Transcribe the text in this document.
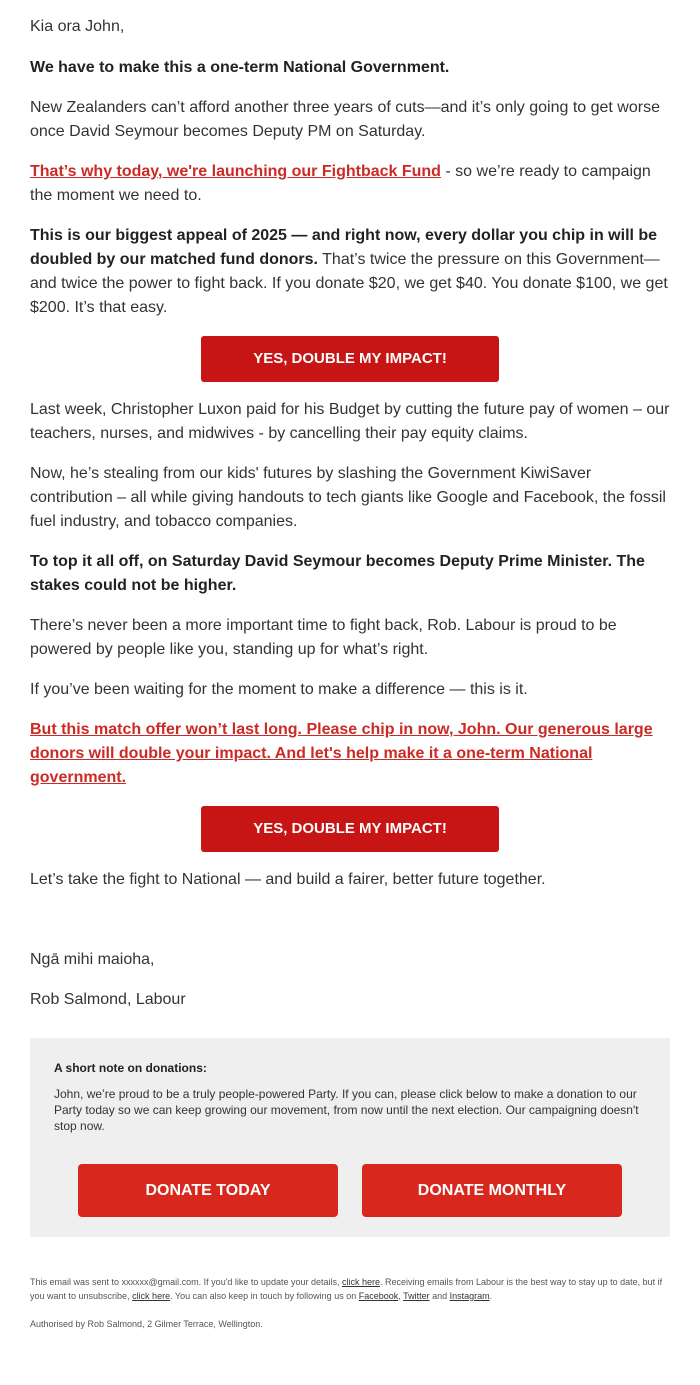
Kia ora John,

We have to make this a one-term National Government.

New Zealanders can’t afford another three years of cuts—and it’s only going to get worse once David Seymour becomes Deputy PM on Saturday.

That’s why today, we're launching our Fightback Fund - so we’re ready to campaign the moment we need to.

This is our biggest appeal of 2025 — and right now, every dollar you chip in will be doubled by our matched fund donors. That’s twice the pressure on this Government—and twice the power to fight back. If you donate $20, we get $40. You donate $100, we get $200. It’s that easy.

YES, DOUBLE MY IMPACT!

Last week, Christopher Luxon paid for his Budget by cutting the future pay of women – our teachers, nurses, and midwives - by cancelling their pay equity claims.

Now, he’s stealing from our kids' futures by slashing the Government KiwiSaver contribution – all while giving handouts to tech giants like Google and Facebook, the fossil fuel industry, and tobacco companies.

To top it all off, on Saturday David Seymour becomes Deputy Prime Minister. The stakes could not be higher.

There’s never been a more important time to fight back, Rob. Labour is proud to be powered by people like you, standing up for what’s right.

If you’ve been waiting for the moment to make a difference — this is it.

But this match offer won’t last long. Please chip in now, John. Our generous large donors will double your impact. And let's help make it a one-term National government.

YES, DOUBLE MY IMPACT!

Let’s take the fight to National — and build a fairer, better future together.

Ngā mihi maioha,

Rob Salmond, Labour

A short note on donations:

John, we’re proud to be a truly people-powered Party. If you can, please click below to make a donation to our Party today so we can keep growing our movement, from now until the next election. Our campaigning doesn't stop now.

DONATE TODAY	DONATE MONTHLY

This email was sent to xxxxxx@gmail.com. If you'd like to update your details, click here. Receiving emails from Labour is the best way to stay up to date, but if you want to unsubscribe, click here. You can also keep in touch by following us on Facebook, Twitter and Instagram.

Authorised by Rob Salmond, 2 Gilmer Terrace, Wellington.
